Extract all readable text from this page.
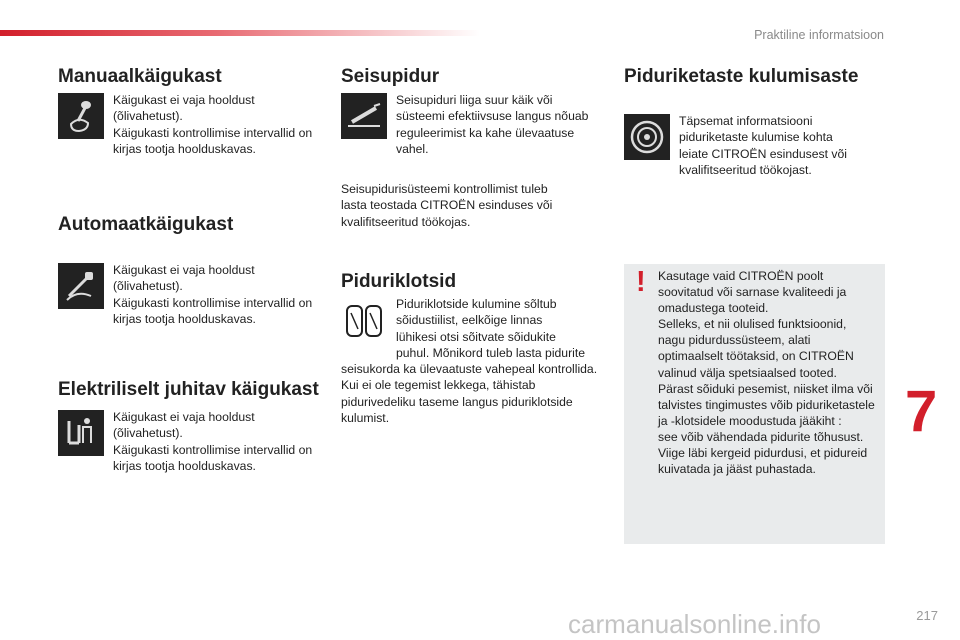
Praktiline informatsioon
Manuaalkäigukast

Käigukast ei vaja hooldust

(õlivahetust).

Käigukasti kontrollimise intervallid on

kirjas tootja hoolduskavas.

Automaatkäigukast

Käigukast ei vaja hooldust

(õlivahetust).

Käigukasti kontrollimise intervallid on

kirjas tootja hoolduskavas.

Elektriliselt juhitav käigukast

Käigukast ei vaja hooldust

(õlivahetust).

Käigukasti kontrollimise intervallid on

kirjas tootja hoolduskavas.

Seisupidur

Seisupiduri liiga suur käik või

süsteemi efektiivsuse langus nõuab

reguleerimist ka kahe ülevaatuse

vahel.

Seisupidurisüsteemi kontrollimist tuleb

lasta teostada CITROËN esinduses või

kvalifitseeritud töökojas.

Piduriklotsid

Piduriklotside kulumine sõltub

sõidustiilist, eelkõige linnas

lühikesi otsi sõitvate sõidukite

puhul. Mõnikord tuleb lasta pidurite

seisukorda ka ülevaatuste vahepeal kontrollida.

Kui ei ole tegemist lekkega, tähistab

pidurivedeliku taseme langus piduriklotside

kulumist.

Piduriketaste kulumisaste

Täpsemat informatsiooni

piduriketaste kulumise kohta

leiate CITROËN esindusest või

kvalifitseeritud töökojast.

! Kasutage vaid CITROËN poolt
soovitatud või sarnase kvaliteedi ja
omadustega tooteid.
Selleks, et nii olulised funktsioonid,
nagu pidurdussüsteem, alati
optimaalselt töötaksid, on CITROËN
valinud välja spetsiaalsed tooted.
Pärast sõiduki pesemist, niisket ilma või
talvistes tingimustes võib piduriketastele
ja -klotsidele moodustuda jääkiht :
see võib vähendada pidurite tõhusust.
Viige läbi kergeid pidurdusi, et pidureid
kuivatada ja jääst puhastada.
7
carmanualsonline.info	217
